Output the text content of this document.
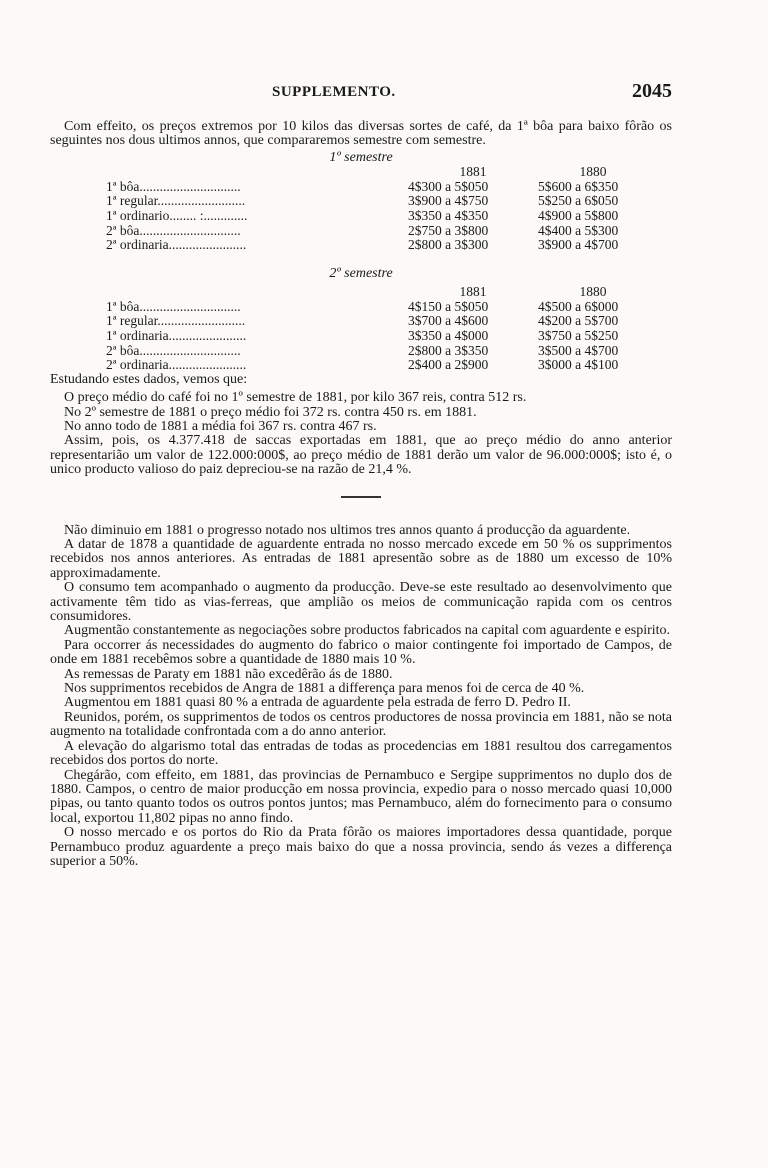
SUPPLEMENTO.	2045

Com effeito, os preços extremos por 10 kilos das diversas sortes de café, da 1ª bôa para baixo fôrão os seguintes nos dous ultimos annos, que compararemos semestre com semestre.

1º semestre
	1881	1880
1ª bôa..............................	4$300 a 5$050	5$600 a 6$350
1ª regular..........................	3$900 a 4$750	5$250 a 6$050
1ª ordinario........ :.............	3$350 a 4$350	4$900 a 5$800
2ª bôa..............................	2$750 a 3$800	4$400 a 5$300
2ª ordinaria.......................	2$800 a 3$300	3$900 a 4$700
2º semestre
	1881	1880
1ª bôa..............................	4$150 a 5$050	4$500 a 6$000
1ª regular..........................	3$700 a 4$600	4$200 a 5$700
1ª ordinaria.......................	3$350 a 4$000	3$750 a 5$250
2ª bôa..............................	2$800 a 3$350	3$500 a 4$700
2ª ordinaria.......................	2$400 a 2$900	3$000 a 4$100

Estudando estes dados, vemos que:

O preço médio do café foi no 1º semestre de 1881, por kilo 367 reis, contra 512 rs.

No 2º semestre de 1881 o preço médio foi 372 rs. contra 450 rs. em 1881.

No anno todo de 1881 a média foi 367 rs. contra 467 rs.

Assim, pois, os 4.377.418 de saccas exportadas em 1881, que ao preço médio do anno anterior representarião um valor de 122.000:000$, ao preço médio de 1881 derão um valor de 96.000:000$; isto é, o unico producto valioso do paiz depreciou-se na razão de 21,4 %.

Não diminuio em 1881 o progresso notado nos ultimos tres annos quanto á producção da aguardente.

A datar de 1878 a quantidade de aguardente entrada no nosso mercado excede em 50 % os supprimentos recebidos nos annos anteriores. As entradas de 1881 apresentão sobre as de 1880 um excesso de 10% approximadamente.

O consumo tem acompanhado o augmento da producção. Deve-se este resultado ao desenvolvimento que activamente têm tido as vias-ferreas, que amplião os meios de communicação rapida com os centros consumidores.

Augmentão constantemente as negociações sobre productos fabricados na capital com aguardente e espirito.

Para occorrer ás necessidades do augmento do fabrico o maior contingente foi importado de Campos, de onde em 1881 recebêmos sobre a quantidade de 1880 mais 10 %.

As remessas de Paraty em 1881 não excedêrão ás de 1880.

Nos supprimentos recebidos de Angra de 1881 a differença para menos foi de cerca de 40 %.

Augmentou em 1881 quasi 80 % a entrada de aguardente pela estrada de ferro D. Pedro II.

Reunidos, porém, os supprimentos de todos os centros productores de nossa provincia em 1881, não se nota augmento na totalidade confrontada com a do anno anterior.

A elevação do algarismo total das entradas de todas as procedencias em 1881 resultou dos carregamentos recebidos dos portos do norte.

Chegárão, com effeito, em 1881, das provincias de Pernambuco e Sergipe supprimentos no duplo dos de 1880. Campos, o centro de maior producção em nossa provincia, expedio para o nosso mercado quasi 10,000 pipas, ou tanto quanto todos os outros pontos juntos; mas Pernambuco, além do fornecimento para o consumo local, exportou 11,802 pipas no anno findo.

O nosso mercado e os portos do Rio da Prata fôrão os maiores importadores dessa quantidade, porque Pernambuco produz aguardente a preço mais baixo do que a nossa provincia, sendo ás vezes a differença superior a 50%.
